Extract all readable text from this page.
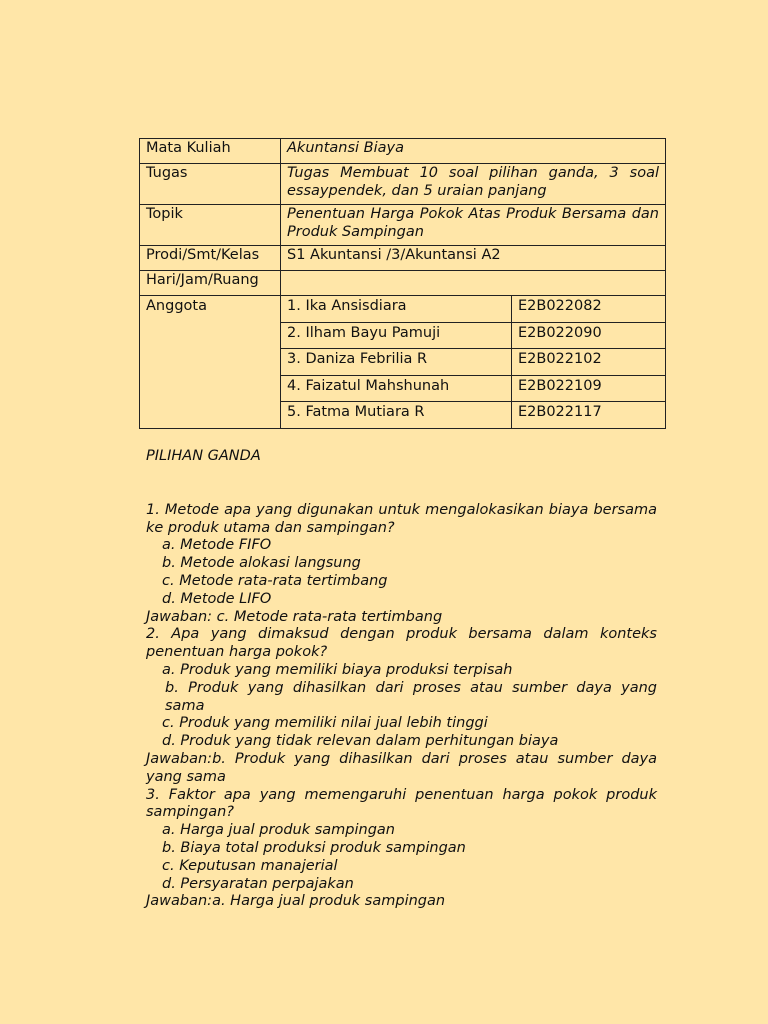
Mata Kuliah	Akuntansi Biaya
Tugas	Tugas Membuat 10 soal pilihan ganda, 3 soal essaypendek, dan 5 uraian panjang
Topik	Penentuan Harga Pokok Atas Produk Bersama dan Produk Sampingan
Prodi/Smt/Kelas	S1 Akuntansi /3/Akuntansi A2
Hari/Jam/Ruang	
Anggota		1. Ika Ansisdiara	E2B022082
2. Ilham Bayu Pamuji	E2B022090
3. Daniza Febrilia R	E2B022102
4. Faizatul Mahshunah	E2B022109
5. Fatma Mutiara R	E2B022117

PILIHAN GANDA

1. Metode apa yang digunakan untuk mengalokasikan biaya bersama ke produk utama dan sampingan?

a. Metode FIFO

b. Metode alokasi langsung

c. Metode rata-rata tertimbang

d. Metode LIFO

Jawaban: c. Metode rata-rata tertimbang

2. Apa yang dimaksud dengan produk bersama dalam konteks penentuan harga pokok?

a. Produk yang memiliki biaya produksi terpisah

b. Produk yang dihasilkan dari proses atau sumber daya yang sama

c. Produk yang memiliki nilai jual lebih tinggi

d. Produk yang tidak relevan dalam perhitungan biaya

Jawaban:b. Produk yang dihasilkan dari proses atau sumber daya yang sama

3. Faktor apa yang memengaruhi penentuan harga pokok produk sampingan?

a. Harga jual produk sampingan

b. Biaya total produksi produk sampingan

c. Keputusan manajerial

d. Persyaratan perpajakan

Jawaban:a. Harga jual produk sampingan
